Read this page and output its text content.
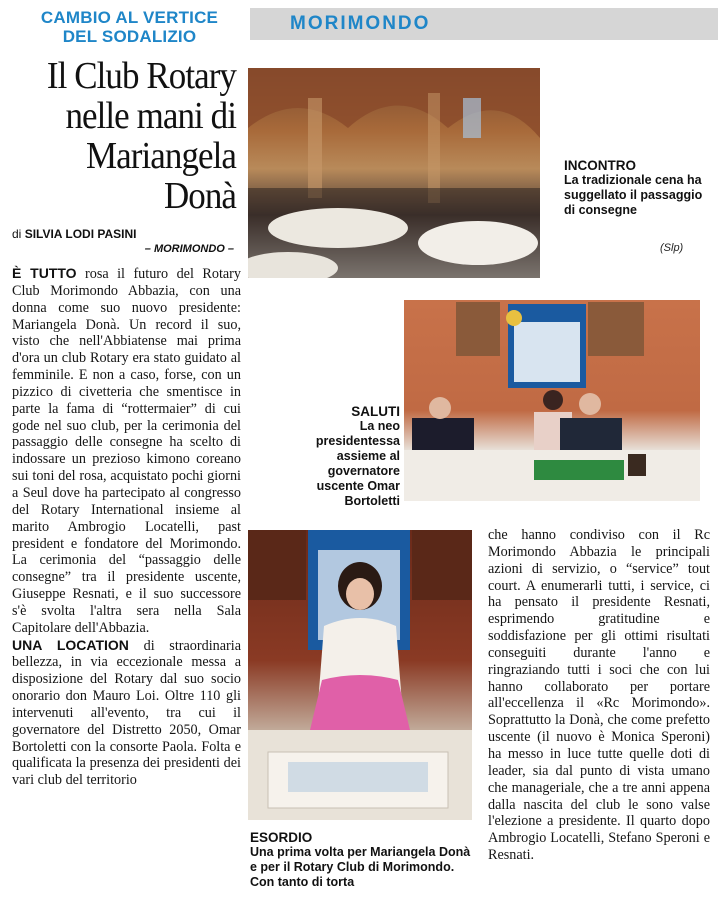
CAMBIO AL VERTICE DEL SODALIZIO
MORIMONDO
Il Club Rotary nelle mani di Mariangela Donà
di SILVIA LODI PASINI
– MORIMONDO –

È TUTTO rosa il futuro del Rotary Club Morimondo Abbazia, con una donna come suo nuovo presidente: Mariangela Donà. Un record il suo, visto che nell'Abbiatense mai prima d'ora un club Rotary era stato guidato al femminile. E non a caso, forse, con un pizzico di civetteria che smentisce in parte la fama di “rottermaier” di cui gode nel suo club, per la cerimonia del passaggio delle consegne ha scelto di indossare un prezioso kimono coreano sui toni del rosa, acquistato pochi giorni a Seul dove ha partecipato al congresso del Rotary International insieme al marito Ambrogio Locatelli, past president e fondatore del Morimondo. La cerimonia del “passaggio delle consegne” tra il presidente uscente, Giuseppe Resnati, e il suo successore s'è svolta l'altra sera nella Sala Capitolare dell'Abbazia.

UNA LOCATION di straordinaria bellezza, in via eccezionale messa a disposizione del Rotary dal suo socio onorario don Mauro Loi. Oltre 110 gli intervenuti all'evento, tra cui il governatore del Distretto 2050, Omar Bortoletti con la consorte Paola. Folta e qualificata la presenza dei presidenti dei vari club del territorio

che hanno condiviso con il Rc Morimondo Abbazia le principali azioni di servizio, o “service” tout court. A enumerarli tutti, i service, ci ha pensato il presidente Resnati, esprimendo gratitudine e soddisfazione per gli ottimi risultati conseguiti durante l'anno e ringraziando tutti i soci che con lui hanno collaborato per portare all'eccellenza il «Rc Morimondo». Soprattutto la Donà, che come prefetto uscente (il nuovo è Monica Speroni) ha messo in luce tutte quelle doti di leader, sia dal punto di vista umano che manageriale, che a tre anni appena dalla nascita del club le sono valse l'elezione a presidente. Il quarto dopo Ambrogio Locatelli, Stefano Speroni e Resnati.

INCONTRO
La tradizionale cena ha suggellato il passaggio di consegne
(Slp)
SALUTI
La neo presidentessa assieme al governatore uscente Omar Bortoletti
ESORDIO
Una prima volta per Mariangela Donà e per il Rotary Club di Morimondo. Con tanto di torta
